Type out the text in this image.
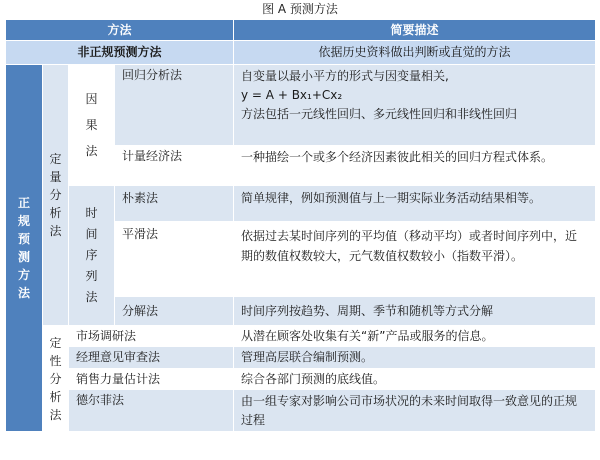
图 A 预测方法
方法				简要描述
非正规预测方法				依据历史资料做出判断或直觉的方法
正规预测方法	定量分析法	因果法	回归分析法	自变量以最小平方的形式与因变量相关,
y = A + Bx₁+Cx₂
方法包括一元线性回归、多元线性回归和非线性回归

			计量经济法	一种描绘一个或多个经济因素彼此相关的回归方程式体系。
		时间序列法	朴素法	简单规律，例如预测值与上一期实际业务活动结果相等。
			平滑法	依据过去某时间序列的平均值（移动平均）或者时间序列中，近期的数值权数较大，元气数值权数较小（指数平滑）。

			分解法	时间序列按趋势、周期、季节和随机等方式分解
	定性分析法	市场调研法		从潜在顾客处收集有关“新”产品或服务的信息。
		经理意见审查法		管理高层联合编制预测。
		销售力量估计法		综合各部门预测的底线值。
		德尔菲法		由一组专家对影响公司市场状况的未来时间取得一致意见的正规过程
